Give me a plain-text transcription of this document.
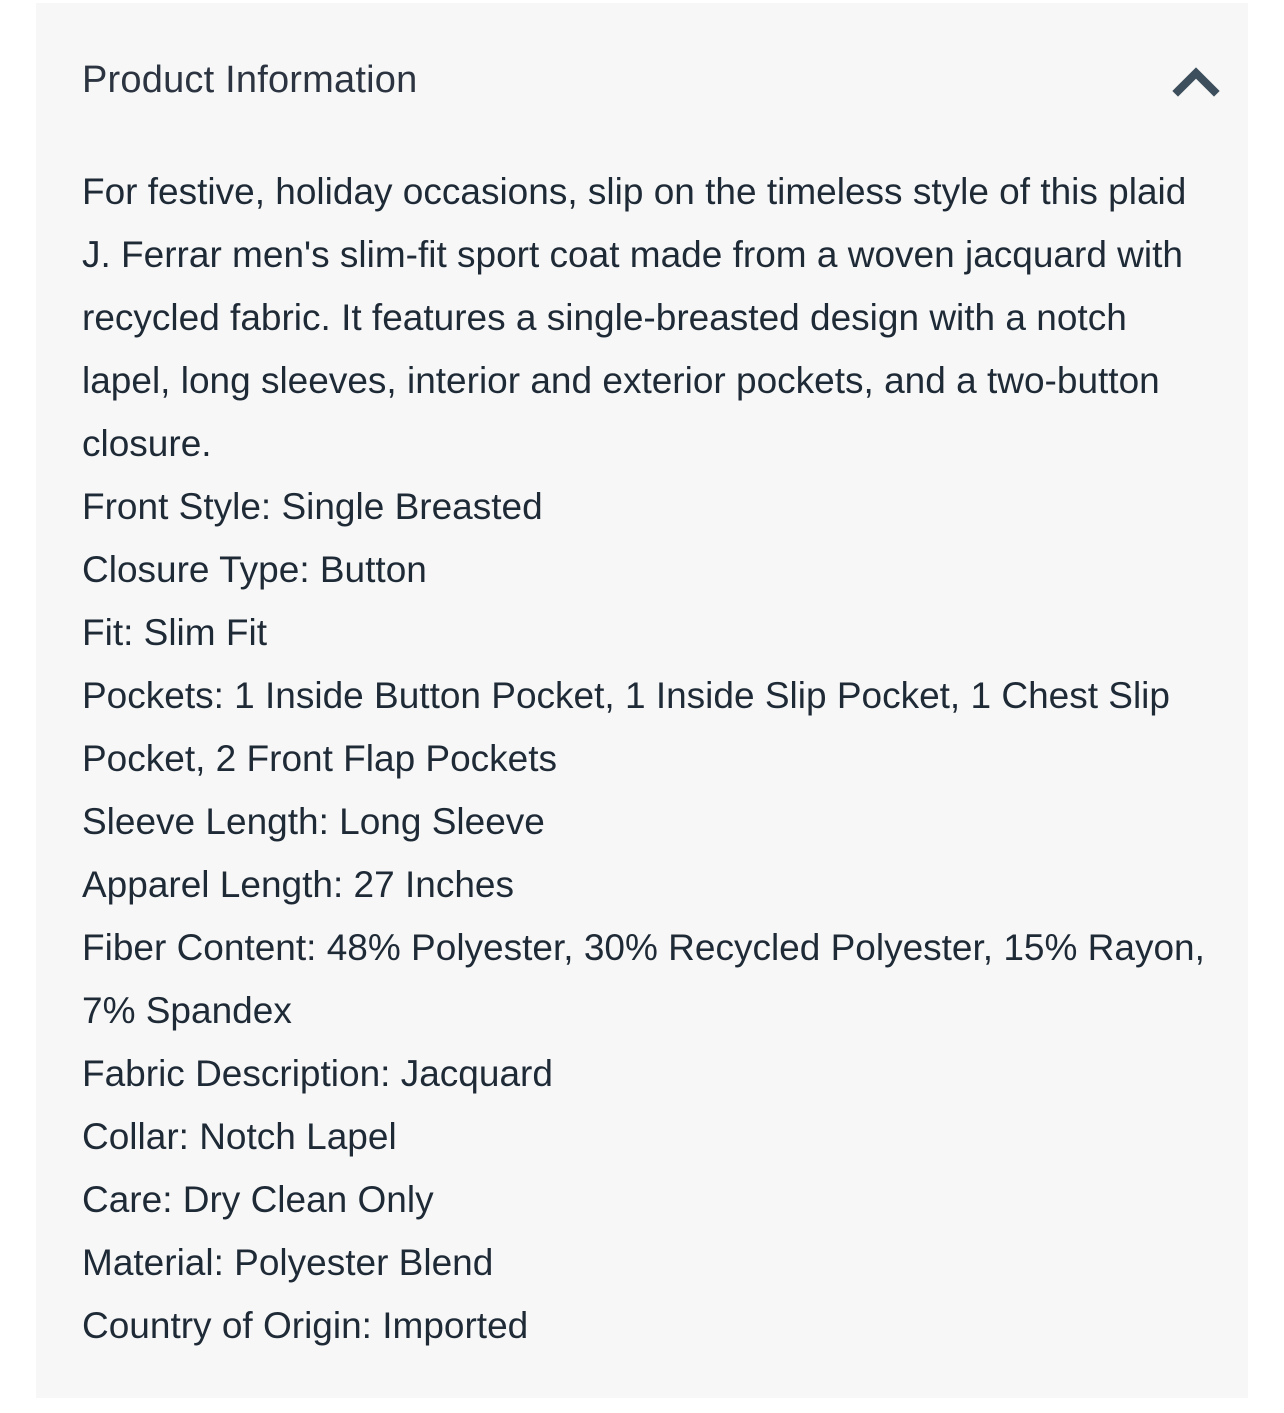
Product Information

For festive, holiday occasions, slip on the timeless style of this plaid J. Ferrar men's slim-fit sport coat made from a woven jacquard with recycled fabric. It features a single-breasted design with a notch lapel, long sleeves, interior and exterior pockets, and a two-button closure.

Front Style: Single Breasted
Closure Type: Button
Fit: Slim Fit
Pockets: 1 Inside Button Pocket, 1 Inside Slip Pocket, 1 Chest Slip Pocket, 2 Front Flap Pockets
Sleeve Length: Long Sleeve
Apparel Length: 27 Inches
Fiber Content: 48% Polyester, 30% Recycled Polyester, 15% Rayon, 7% Spandex
Fabric Description: Jacquard
Collar: Notch Lapel
Care: Dry Clean Only
Material: Polyester Blend
Country of Origin: Imported
